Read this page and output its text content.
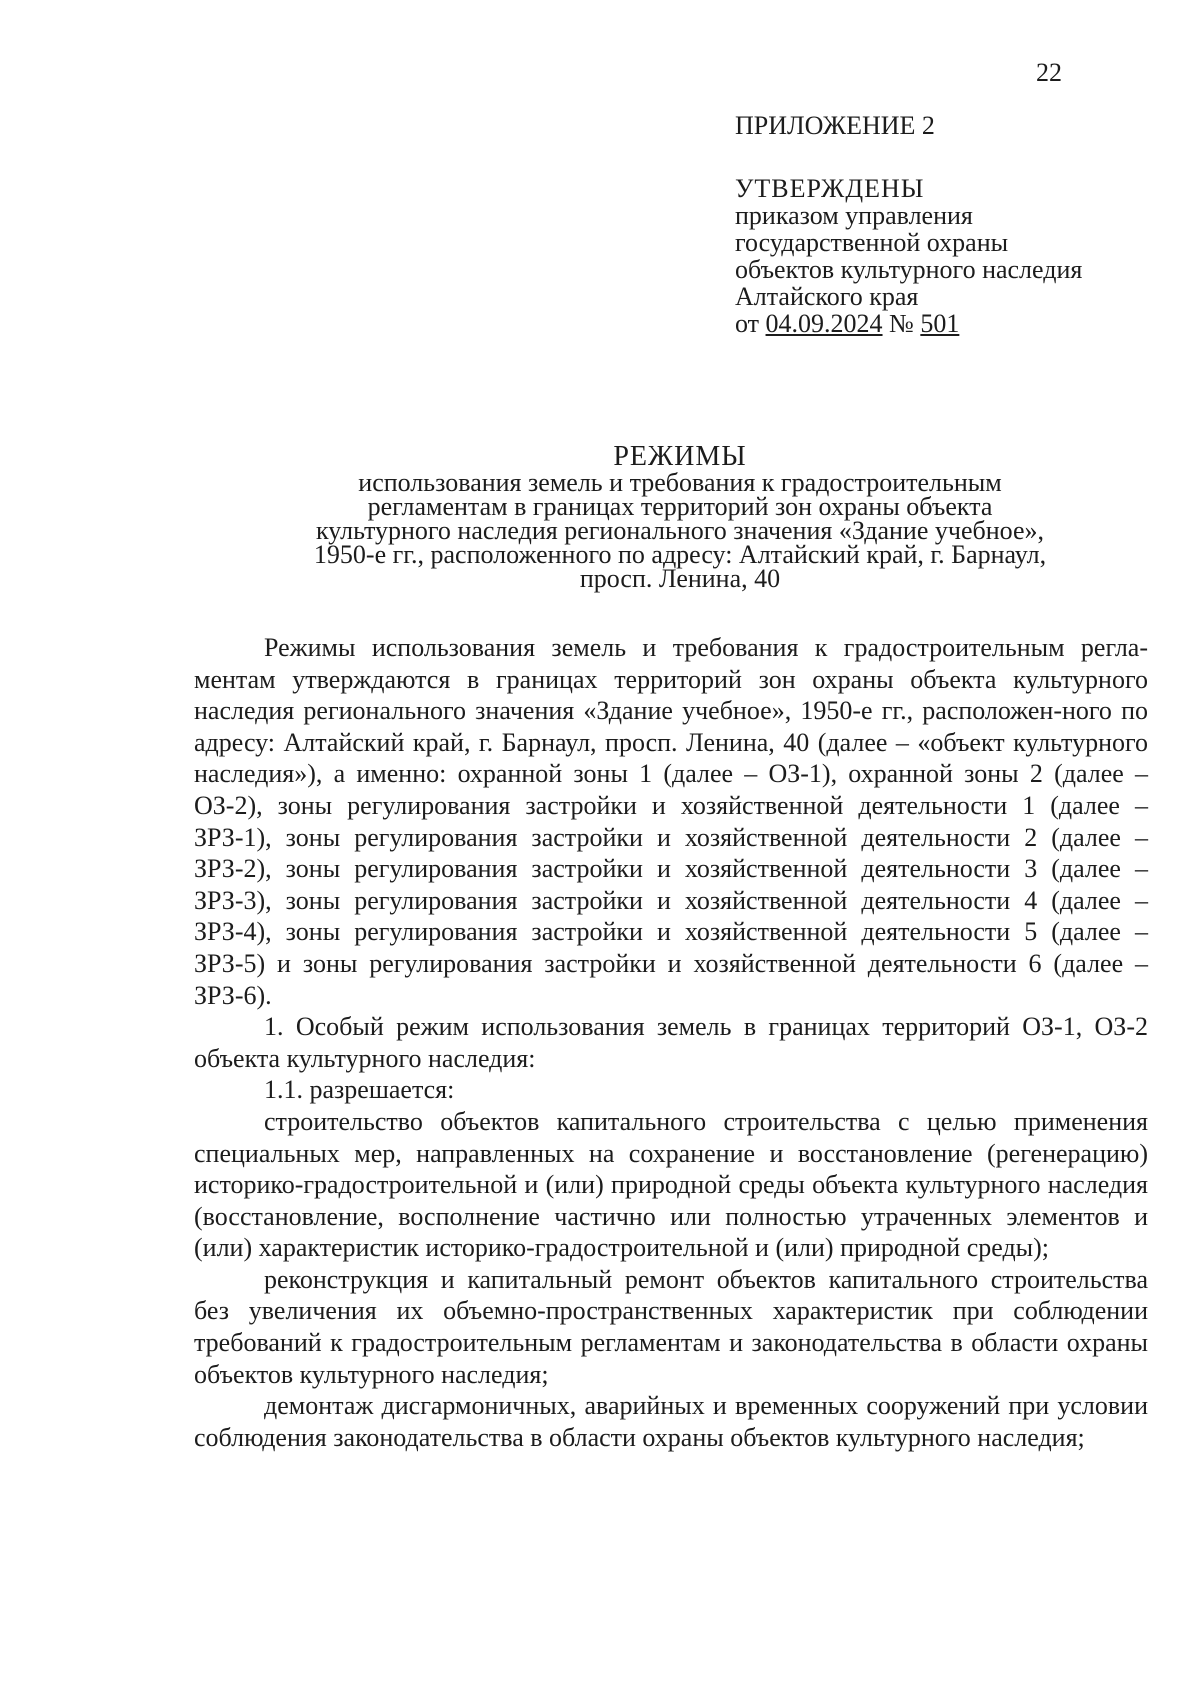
22
ПРИЛОЖЕНИЕ 2
УТВЕРЖДЕНЫ
приказом управления
государственной охраны
объектов культурного наследия
Алтайского края
от 04.09.2024 № 501
РЕЖИМЫ
использования земель и требования к градостроительным
регламентам в границах территорий зон охраны объекта
культурного наследия регионального значения «Здание учебное»,
1950-е гг., расположенного по адресу: Алтайский край, г. Барнаул,
просп. Ленина, 40

Режимы использования земель и требования к градостроительным регла-ментам утверждаются в границах территорий зон охраны объекта культурного наследия регионального значения «Здание учебное», 1950-е гг., расположен-ного по адресу: Алтайский край, г. Барнаул, просп. Ленина, 40 (далее – «объект культурного наследия»), а именно: охранной зоны 1 (далее – ОЗ-1), охранной зоны 2 (далее – ОЗ-2), зоны регулирования застройки и хозяйственной деятельности 1 (далее – ЗРЗ-1), зоны регулирования застройки и хозяйственной деятельности 2 (далее – ЗРЗ-2), зоны регулирования застройки и хозяйственной деятельности 3 (далее – ЗРЗ-3), зоны регулирования застройки и хозяйственной деятельности 4 (далее – ЗРЗ-4), зоны регулирования застройки и хозяйственной деятельности 5 (далее – ЗРЗ-5) и зоны регулирования застройки и хозяйственной деятельности 6 (далее – ЗРЗ-6).

1. Особый режим использования земель в границах территорий ОЗ-1, ОЗ-2 объекта культурного наследия:

1.1. разрешается:

строительство объектов капитального строительства с целью применения специальных мер, направленных на сохранение и восстановление (регенерацию) историко-градостроительной и (или) природной среды объекта культурного наследия (восстановление, восполнение частично или полностью утраченных элементов и (или) характеристик историко-градостроительной и (или) природной среды);

реконструкция и капитальный ремонт объектов капитального строительства без увеличения их объемно-пространственных характеристик при соблюдении требований к градостроительным регламентам и законодательства в области охраны объектов культурного наследия;

демонтаж дисгармоничных, аварийных и временных сооружений при условии соблюдения законодательства в области охраны объектов культурного наследия;
